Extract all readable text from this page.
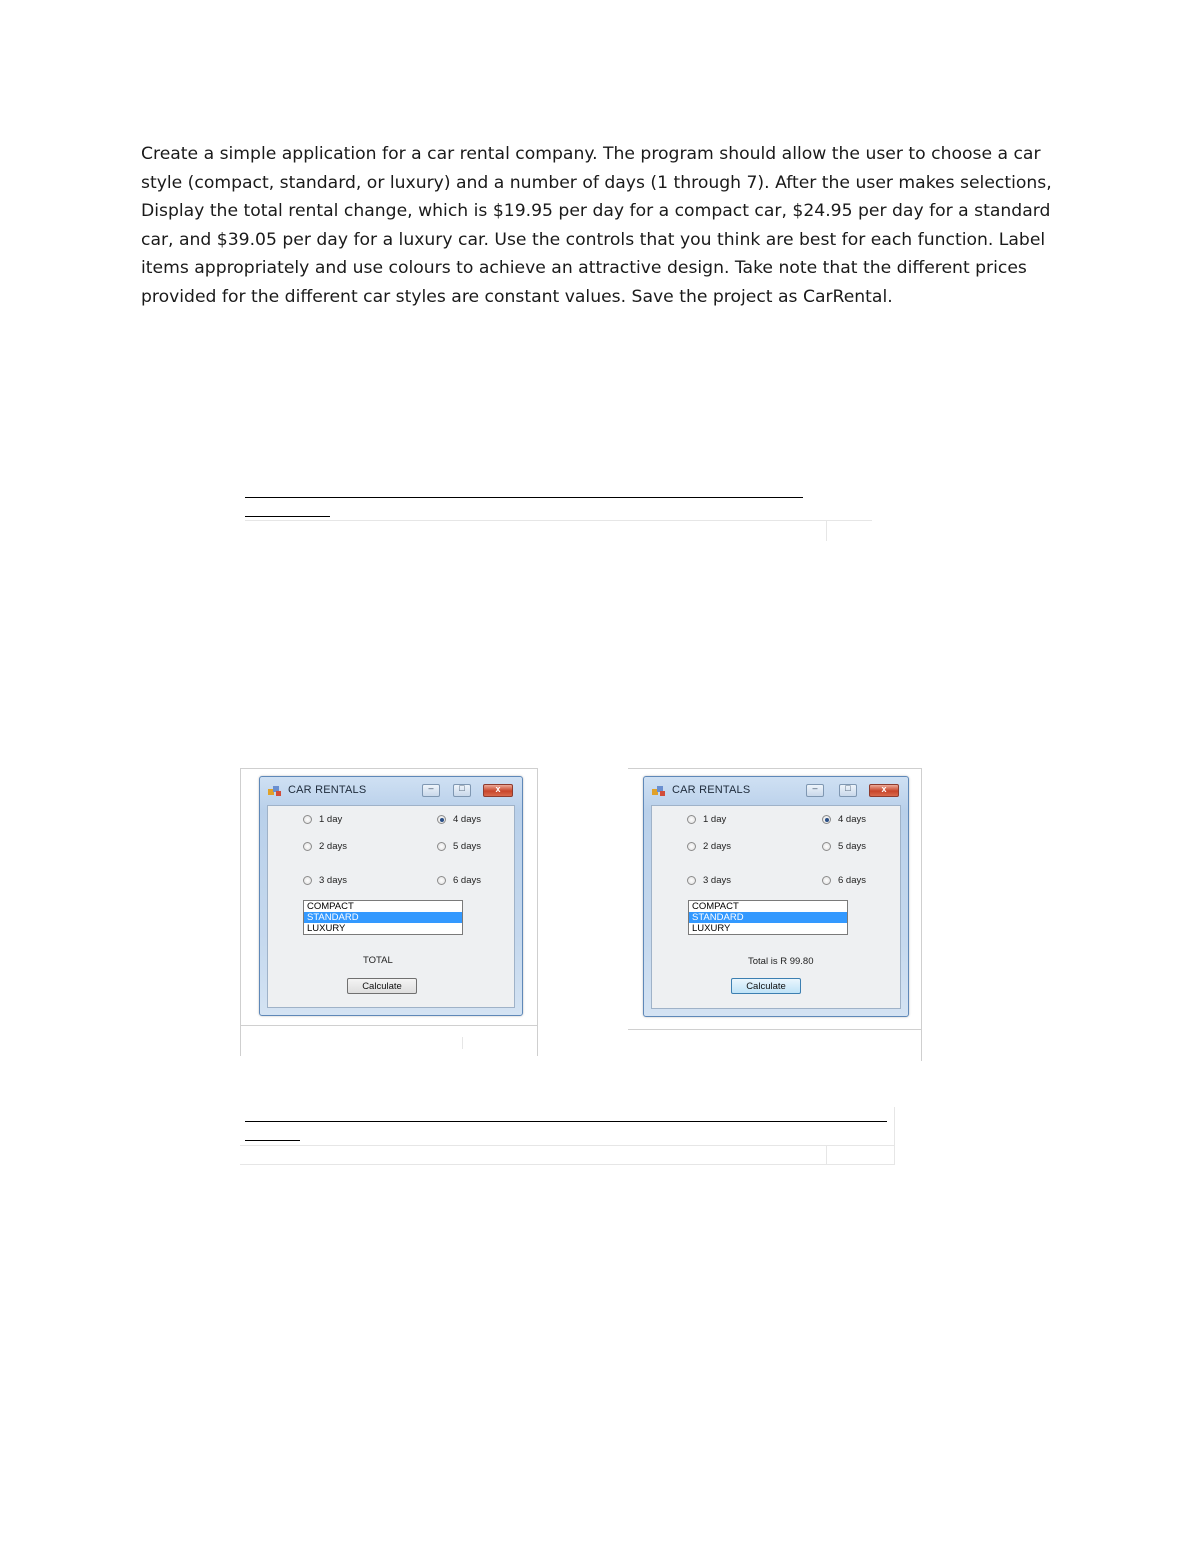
Create a simple application for a car rental company. The program should allow the user to choose a car style (compact, standard, or luxury) and a number of days (1 through 7). After the user makes selections, Display the total rental change, which is $19.95 per day for a compact car, $24.95 per day for a standard car, and $39.05 per day for a luxury car. Use the controls that you think are best for each function. Label items appropriately and use colours to achieve an attractive design. Take note that the different prices provided for the different car styles are constant values. Save the project as CarRental.

CAR RENTALS	–	□	x
1 day
2 days
3 days
4 days
5 days
6 days
COMPACT
STANDARD
LUXURY
TOTAL
Calculate
CAR RENTALS	–	□	x
1 day
2 days
3 days
4 days
5 days
6 days
COMPACT
STANDARD
LUXURY
Total is R 99.80
Calculate
